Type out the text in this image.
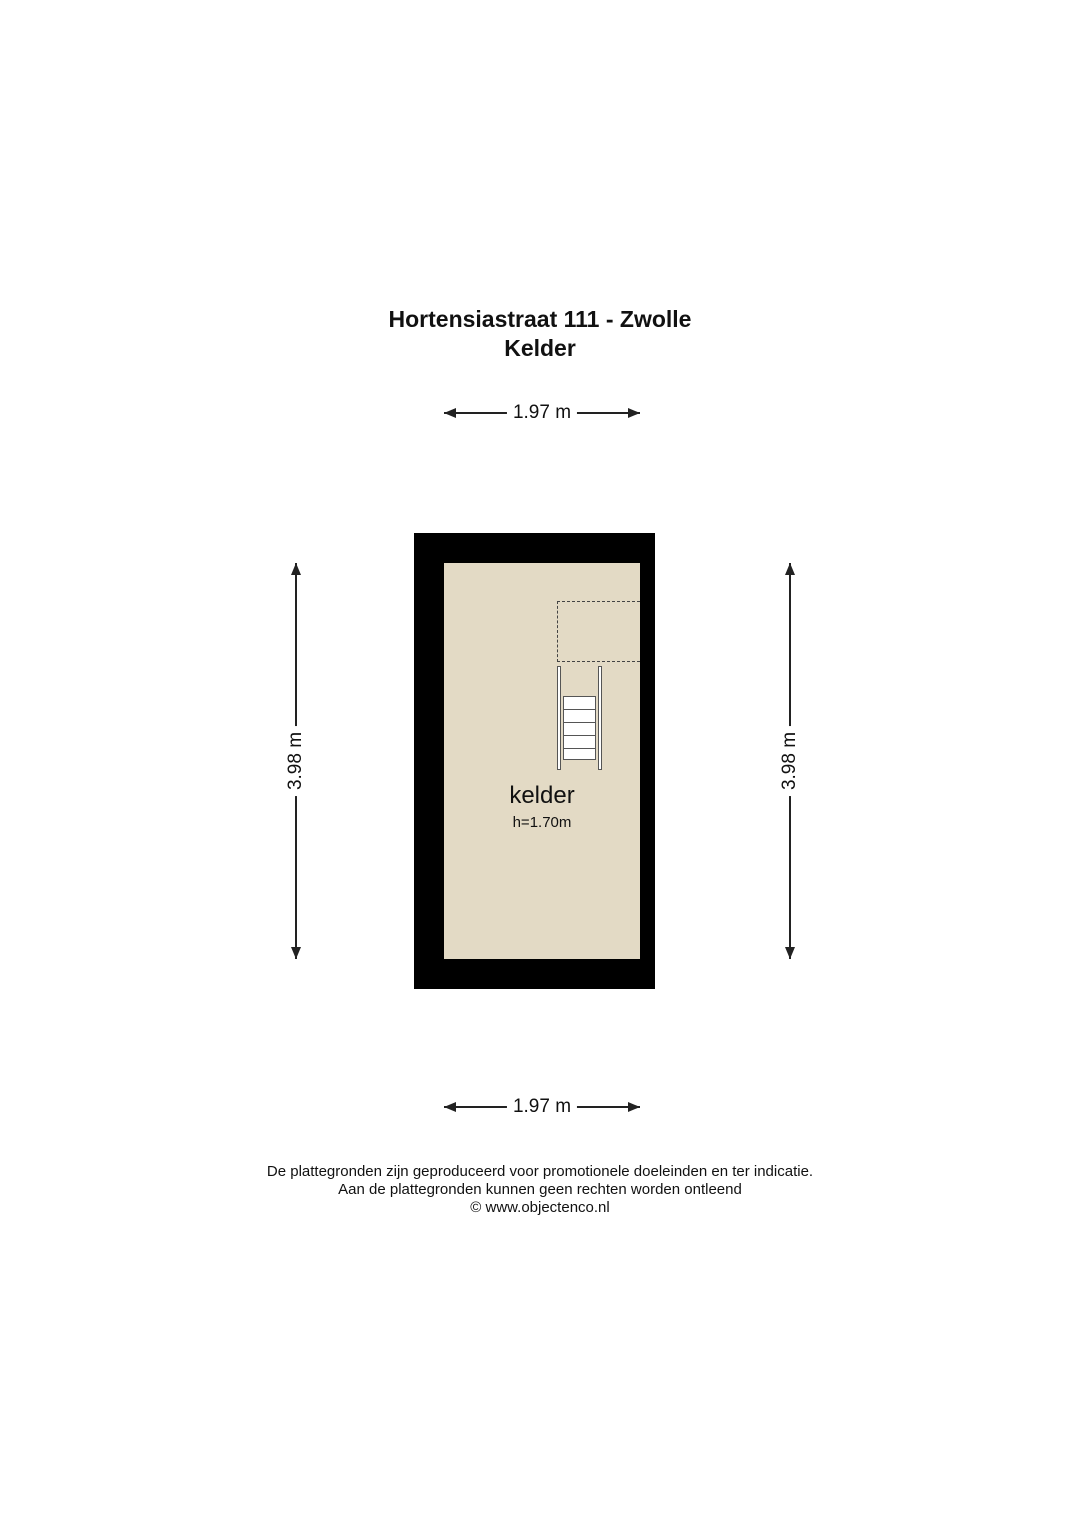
Hortensiastraat 111 - Zwolle
Kelder
1.97 m
3.98 m	3.98 m
kelder
h=1.70m
1.97 m
De plattegronden zijn geproduceerd voor promotionele doeleinden en ter indicatie.
Aan de plattegronden kunnen geen rechten worden ontleend
© www.objectenco.nl
